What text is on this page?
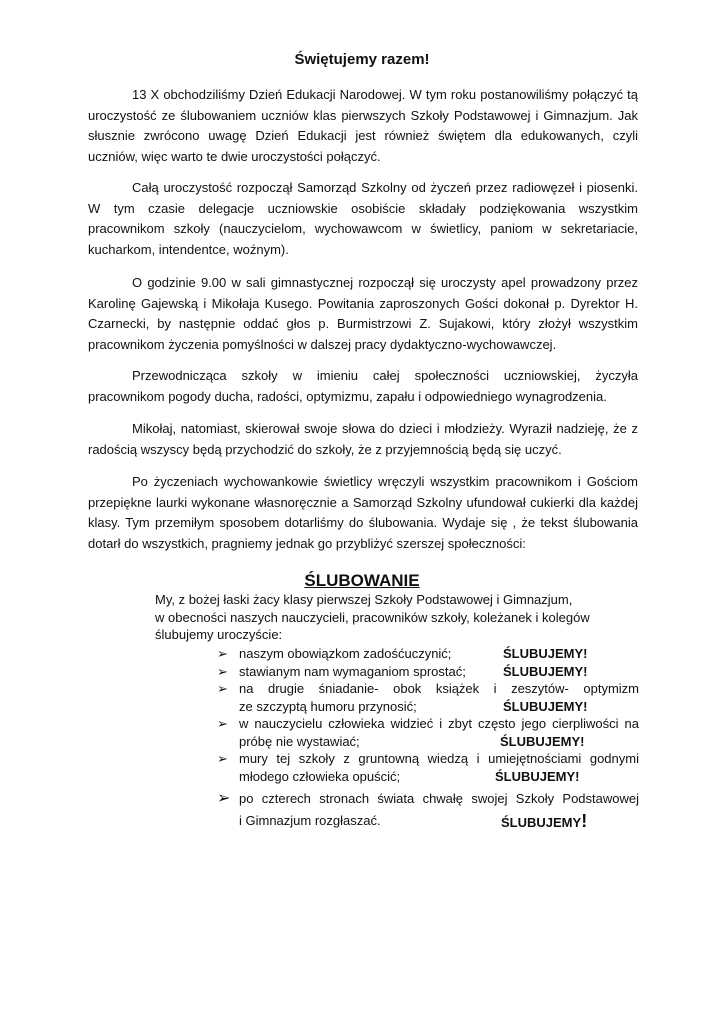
Świętujemy razem!

13 X obchodziliśmy Dzień Edukacji Narodowej. W tym roku postanowiliśmy połączyć tą uroczystość ze ślubowaniem uczniów klas pierwszych Szkoły Podstawowej i Gimnazjum. Jak słusznie zwrócono uwagę Dzień Edukacji jest również świętem dla edukowanych, czyli uczniów, więc warto te dwie uroczystości połączyć.

Całą uroczystość rozpoczął Samorząd Szkolny od życzeń przez radiowęzeł i piosenki. W tym czasie delegacje uczniowskie osobiście składały podziękowania wszystkim pracownikom szkoły (nauczycielom, wychowawcom w świetlicy, paniom w sekretariacie, kucharkom, intendentce, woźnym).

O godzinie 9.00 w sali gimnastycznej rozpoczął się uroczysty apel prowadzony przez Karolinę Gajewską i Mikołaja Kusego. Powitania zaproszonych Gości dokonał p. Dyrektor H. Czarnecki, by następnie oddać głos p. Burmistrzowi Z. Sujakowi, który złożył wszystkim pracownikom życzenia pomyślności w dalszej pracy dydaktyczno-wychowawczej.

Przewodnicząca szkoły w imieniu całej społeczności uczniowskiej, życzyła pracownikom pogody ducha, radości, optymizmu, zapału i odpowiedniego wynagrodzenia.

Mikołaj, natomiast, skierował swoje słowa do dzieci i młodzieży. Wyraził nadzieję, że z radością wszyscy będą przychodzić do szkoły, że z przyjemnością będą się uczyć.

Po życzeniach wychowankowie świetlicy wręczyli wszystkim pracownikom i Gościom przepiękne laurki wykonane własnoręcznie a Samorząd Szkolny ufundował cukierki dla każdej klasy. Tym przemiłym sposobem dotarliśmy do ślubowania. Wydaje się , że tekst ślubowania dotarł do wszystkich, pragniemy jednak go przybliżyć szerszej społeczności:

ŚLUBOWANIE
My, z bożej łaski żacy klasy pierwszej Szkoły Podstawowej i Gimnazjum,
w obecności naszych nauczycieli, pracowników szkoły, koleżanek i kolegów
ślubujemy uroczyście:
➢ naszym obowiązkom zadośćuczynić;	ŚLUBUJEMY!
➢ stawianym nam wymaganiom sprostać;	ŚLUBUJEMY!
➢ na drugie śniadanie- obok książek i zeszytów- optymizm
ze szczyptą humoru przynosić;	ŚLUBUJEMY!
➢ w nauczycielu człowieka widzieć i zbyt często jego cierpliwości na
próbę nie wystawiać;	ŚLUBUJEMY!
➢ mury tej szkoły z gruntowną wiedzą i umiejętnościami godnymi
młodego człowieka opuścić;	ŚLUBUJEMY!
➢ po czterech stronach świata chwałę swojej Szkoły Podstawowej
i Gimnazjum rozgłaszać.	ŚLUBUJEMY!
